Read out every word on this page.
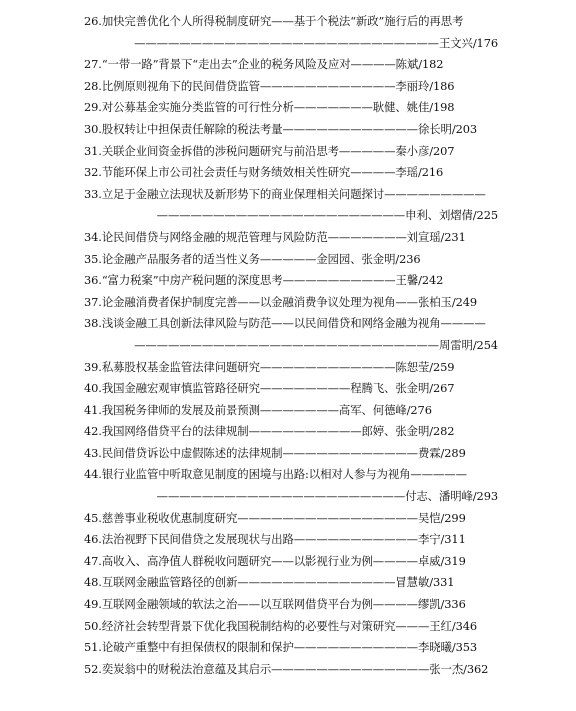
26.加快完善优化个人所得税制度研究——基于个税法“新政”施行后的再思考
———————————————————————————王文兴/176
27.“一带一路”背景下“走出去”企业的税务风险及应对————陈斌/182
28.比例原则视角下的民间借贷监管————————————李丽玲/186
29.对公募基金实施分类监管的可行性分析———————耿健、姚佳/198
30.股权转让中担保责任解除的税法考量————————————徐长明/203
31.关联企业间资金拆借的涉税问题研究与前沿思考—————秦小彦/207
32.节能环保上市公司社会责任与财务绩效相关性研究————李瑶/216
33.立足于金融立法现状及新形势下的商业保理相关问题探讨—————————
——————————————————————申利、刘熠倩/225
34.论民间借贷与网络金融的规范管理与风险防范———————刘宣瑶/231
35.论金融产品服务者的适当性义务—————金园园、张金明/236
36.“富力税案”中房产税问题的深度思考——————————王馨/242
37.论金融消费者保护制度完善——以金融消费争议处理为视角——张柏玉/249
38.浅谈金融工具创新法律风险与防范——以民间借贷和网络金融为视角————
———————————————————————————周雷明/254
39.私募股权基金监管法律问题研究————————————陈恕莹/259
40.我国金融宏观审慎监管路径研究————————程腾飞、张金明/267
41.我国税务律师的发展及前景预测———————高军、何德峰/276
42.我国网络借贷平台的法律规制——————————郎婷、张金明/282
43.民间借贷诉讼中虚假陈述的法律规制————————————费霖/289
44.银行业监管中听取意见制度的困境与出路:以相对人参与为视角—————
——————————————————————付志、潘明峰/293
45.慈善事业税收优惠制度研究————————————————吴恺/299
46.法治视野下民间借贷之发展现状与出路———————————李宁/311
47.高收入、高净值人群税收问题研究——以影视行业为例————卓威/319
48.互联网金融监管路径的创新——————————————冒慧敏/331
49.互联网金融领域的软法之治——以互联网借贷平台为例————缪凯/336
50.经济社会转型背景下优化我国税制结构的必要性与对策研究———王红/346
51.论破产重整中有担保债权的限制和保护———————————李晓曦/353
52.奕炭翁中的财税法治意蕴及其启示——————————————张一杰/362
